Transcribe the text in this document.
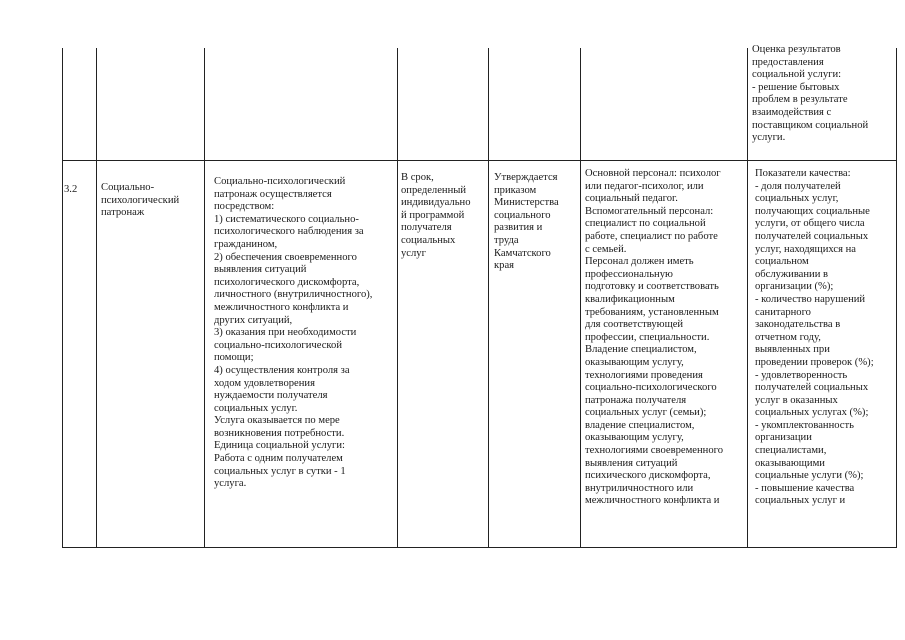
Оценка результатов
предоставления
социальной услуги:
- решение бытовых
проблем в результате
взаимодействия с
поставщиком социальной
услуги.
3.2 Социально-
психологический
патронаж
Социально-психологический
патронаж осуществляется
посредством:
1) систематического социально-
психологического наблюдения за
гражданином,
2) обеспечения своевременного
выявления ситуаций
психологического дискомфорта,
личностного (внутриличностного),
межличностного конфликта и
других ситуаций,
3) оказания при необходимости
социально-психологической
помощи;
4) осуществления контроля за
ходом удовлетворения
нуждаемости получателя
социальных услуг.
Услуга оказывается по мере
возникновения потребности.
Единица социальной услуги:
Работа с одним получателем
социальных услуг в сутки - 1
услуга.
В срок,
определенный
индивидуально
й программой
получателя
социальных
услуг
Утверждается
приказом
Министерства
социального
развития и
труда
Камчатского
края
Основной персонал: психолог
или педагог-психолог, или
социальный педагог.
Вспомогательный персонал:
специалист по социальной
работе, специалист по работе
с семьей.
Персонал должен иметь
профессиональную
подготовку и соответствовать
квалификационным
требованиям, установленным
для соответствующей
профессии, специальности.
Владение специалистом,
оказывающим услугу,
технологиями проведения
социально-психологического
патронажа получателя
социальных услуг (семьи);
владение специалистом,
оказывающим услугу,
технологиями своевременного
выявления ситуаций
психического дискомфорта,
внутриличностного или
межличностного конфликта и
Показатели качества:
- доля получателей
социальных услуг,
получающих социальные
услуги, от общего числа
получателей социальных
услуг, находящихся на
социальном
обслуживании в
организации (%);
- количество нарушений
санитарного
законодательства в
отчетном году,
выявленных при
проведении проверок (%);
- удовлетворенность
получателей социальных
услуг в оказанных
социальных услугах (%);
- укомплектованность
организации
специалистами,
оказывающими
социальные услуги (%);
- повышение качества
социальных услуг и
